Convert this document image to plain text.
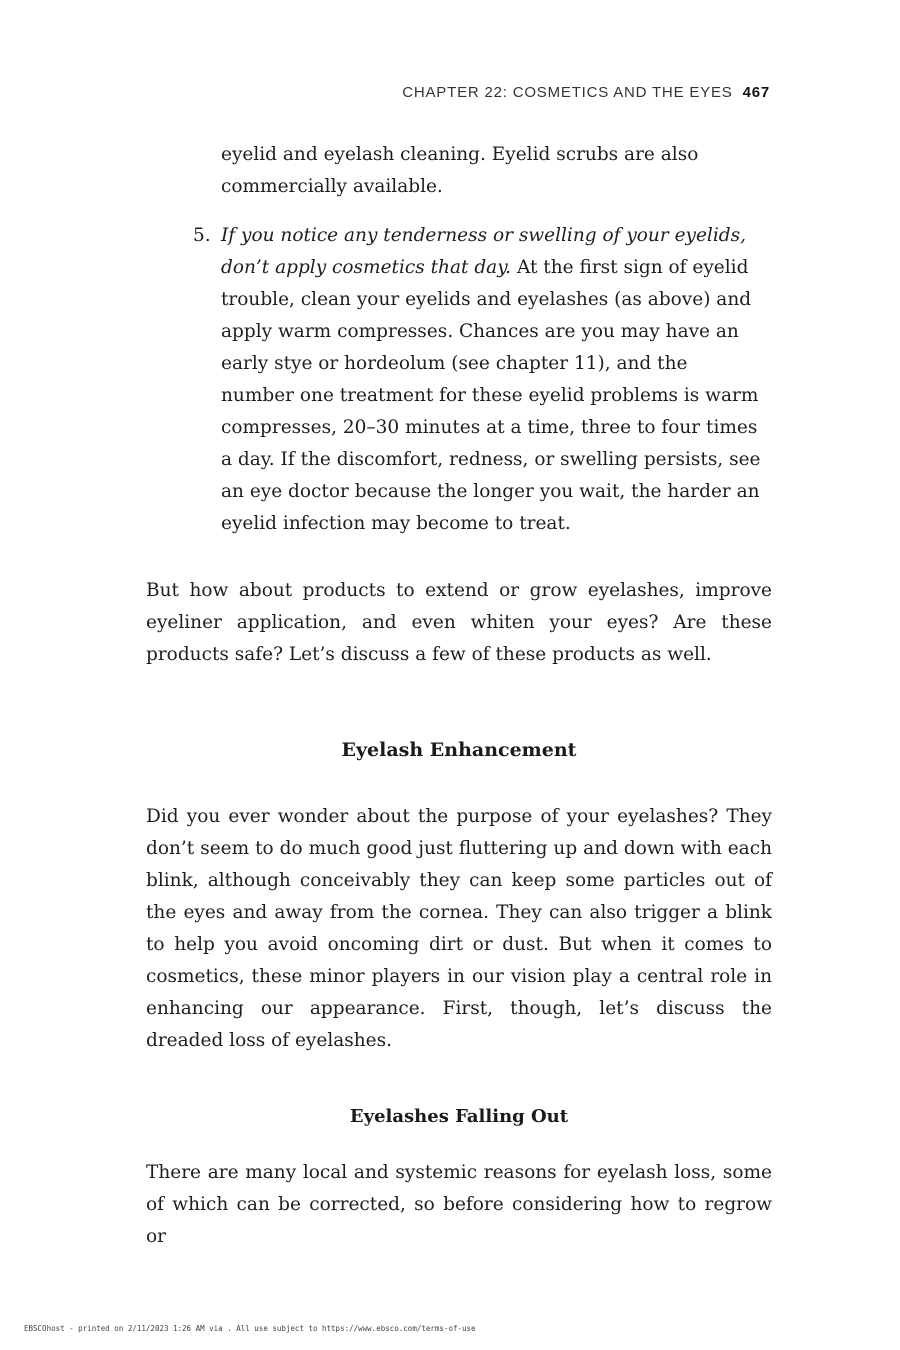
CHAPTER 22: COSMETICS AND THE EYES 467

eyelid and eyelash cleaning. Eyelid scrubs are also commercially available.

5. If you notice any tenderness or swelling of your eyelids, don’t apply cosmetics that day. At the first sign of eyelid trouble, clean your eyelids and eyelashes (as above) and apply warm compresses. Chances are you may have an early stye or hordeolum (see chapter 11), and the number one treatment for these eyelid problems is warm compresses, 20–30 minutes at a time, three to four times a day. If the discomfort, redness, or swelling persists, see an eye doctor because the longer you wait, the harder an eyelid infection may become to treat.

But how about products to extend or grow eyelashes, improve eyeliner application, and even whiten your eyes? Are these products safe? Let’s discuss a few of these products as well.

Eyelash Enhancement

Did you ever wonder about the purpose of your eyelashes? They don’t seem to do much good just fluttering up and down with each blink, although conceivably they can keep some particles out of the eyes and away from the cornea. They can also trigger a blink to help you avoid oncoming dirt or dust. But when it comes to cosmetics, these minor players in our vision play a central role in enhancing our appearance. First, though, let’s discuss the dreaded loss of eyelashes.

Eyelashes Falling Out

There are many local and systemic reasons for eyelash loss, some of which can be corrected, so before considering how to regrow or

EBSCOhost - printed on 2/11/2023 1:26 AM via . All use subject to https://www.ebsco.com/terms-of-use
